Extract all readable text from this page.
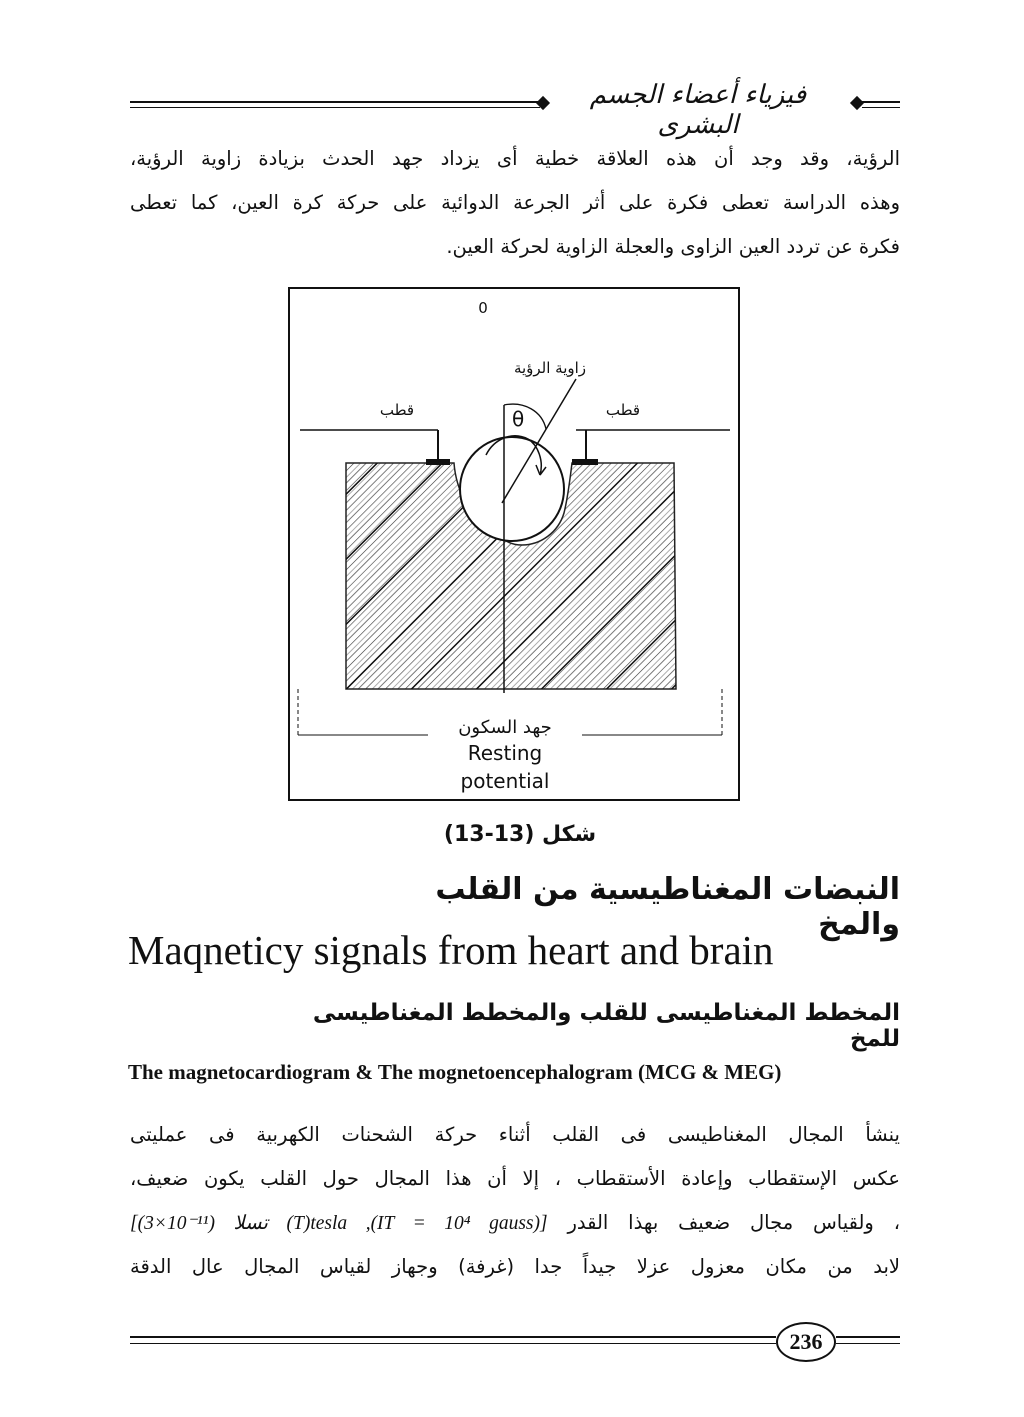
فيزياء أعضاء الجسم البشرى
الرؤية، وقد وجد أن هذه العلاقة خطية أى يزداد جهد الحدث بزيادة زاوية الرؤية،
وهذه الدراسة تعطى فكرة على أثر الجرعة الدوائية على حركة كرة العين، كما تعطى
فكرة عن تردد العين الزاوى والعجلة الزاوية لحركة العين.
0
زاوية الرؤية
θ
قطب	قطب
جهد السكون
Resting
potential
شكل (13-13)
النبضات المغناطيسية من القلب والمخ
Maqneticy signals from heart and brain
المخطط المغناطيسى للقلب والمخطط المغناطيسى للمخ
The magnetocardiogram & The mognetoencephalogram (MCG & MEG)
ينشأ المجال المغناطيسى فى القلب أثناء حركة الشحنات الكهربية فى عمليتى
عكس الإستقطاب وإعادة الأستقطاب ، إلا أن هذا المجال حول القلب يكون ضعيف،
، ولقياس مجال ضعيف بهذا القدر [(3×10⁻¹¹) تسلا (T)tesla ,(IT = 10⁴ gauss)]
لابد من مكان معزول عزلا جيداً جدا (غرفة) وجهاز لقياس المجال عال الدقة
236
